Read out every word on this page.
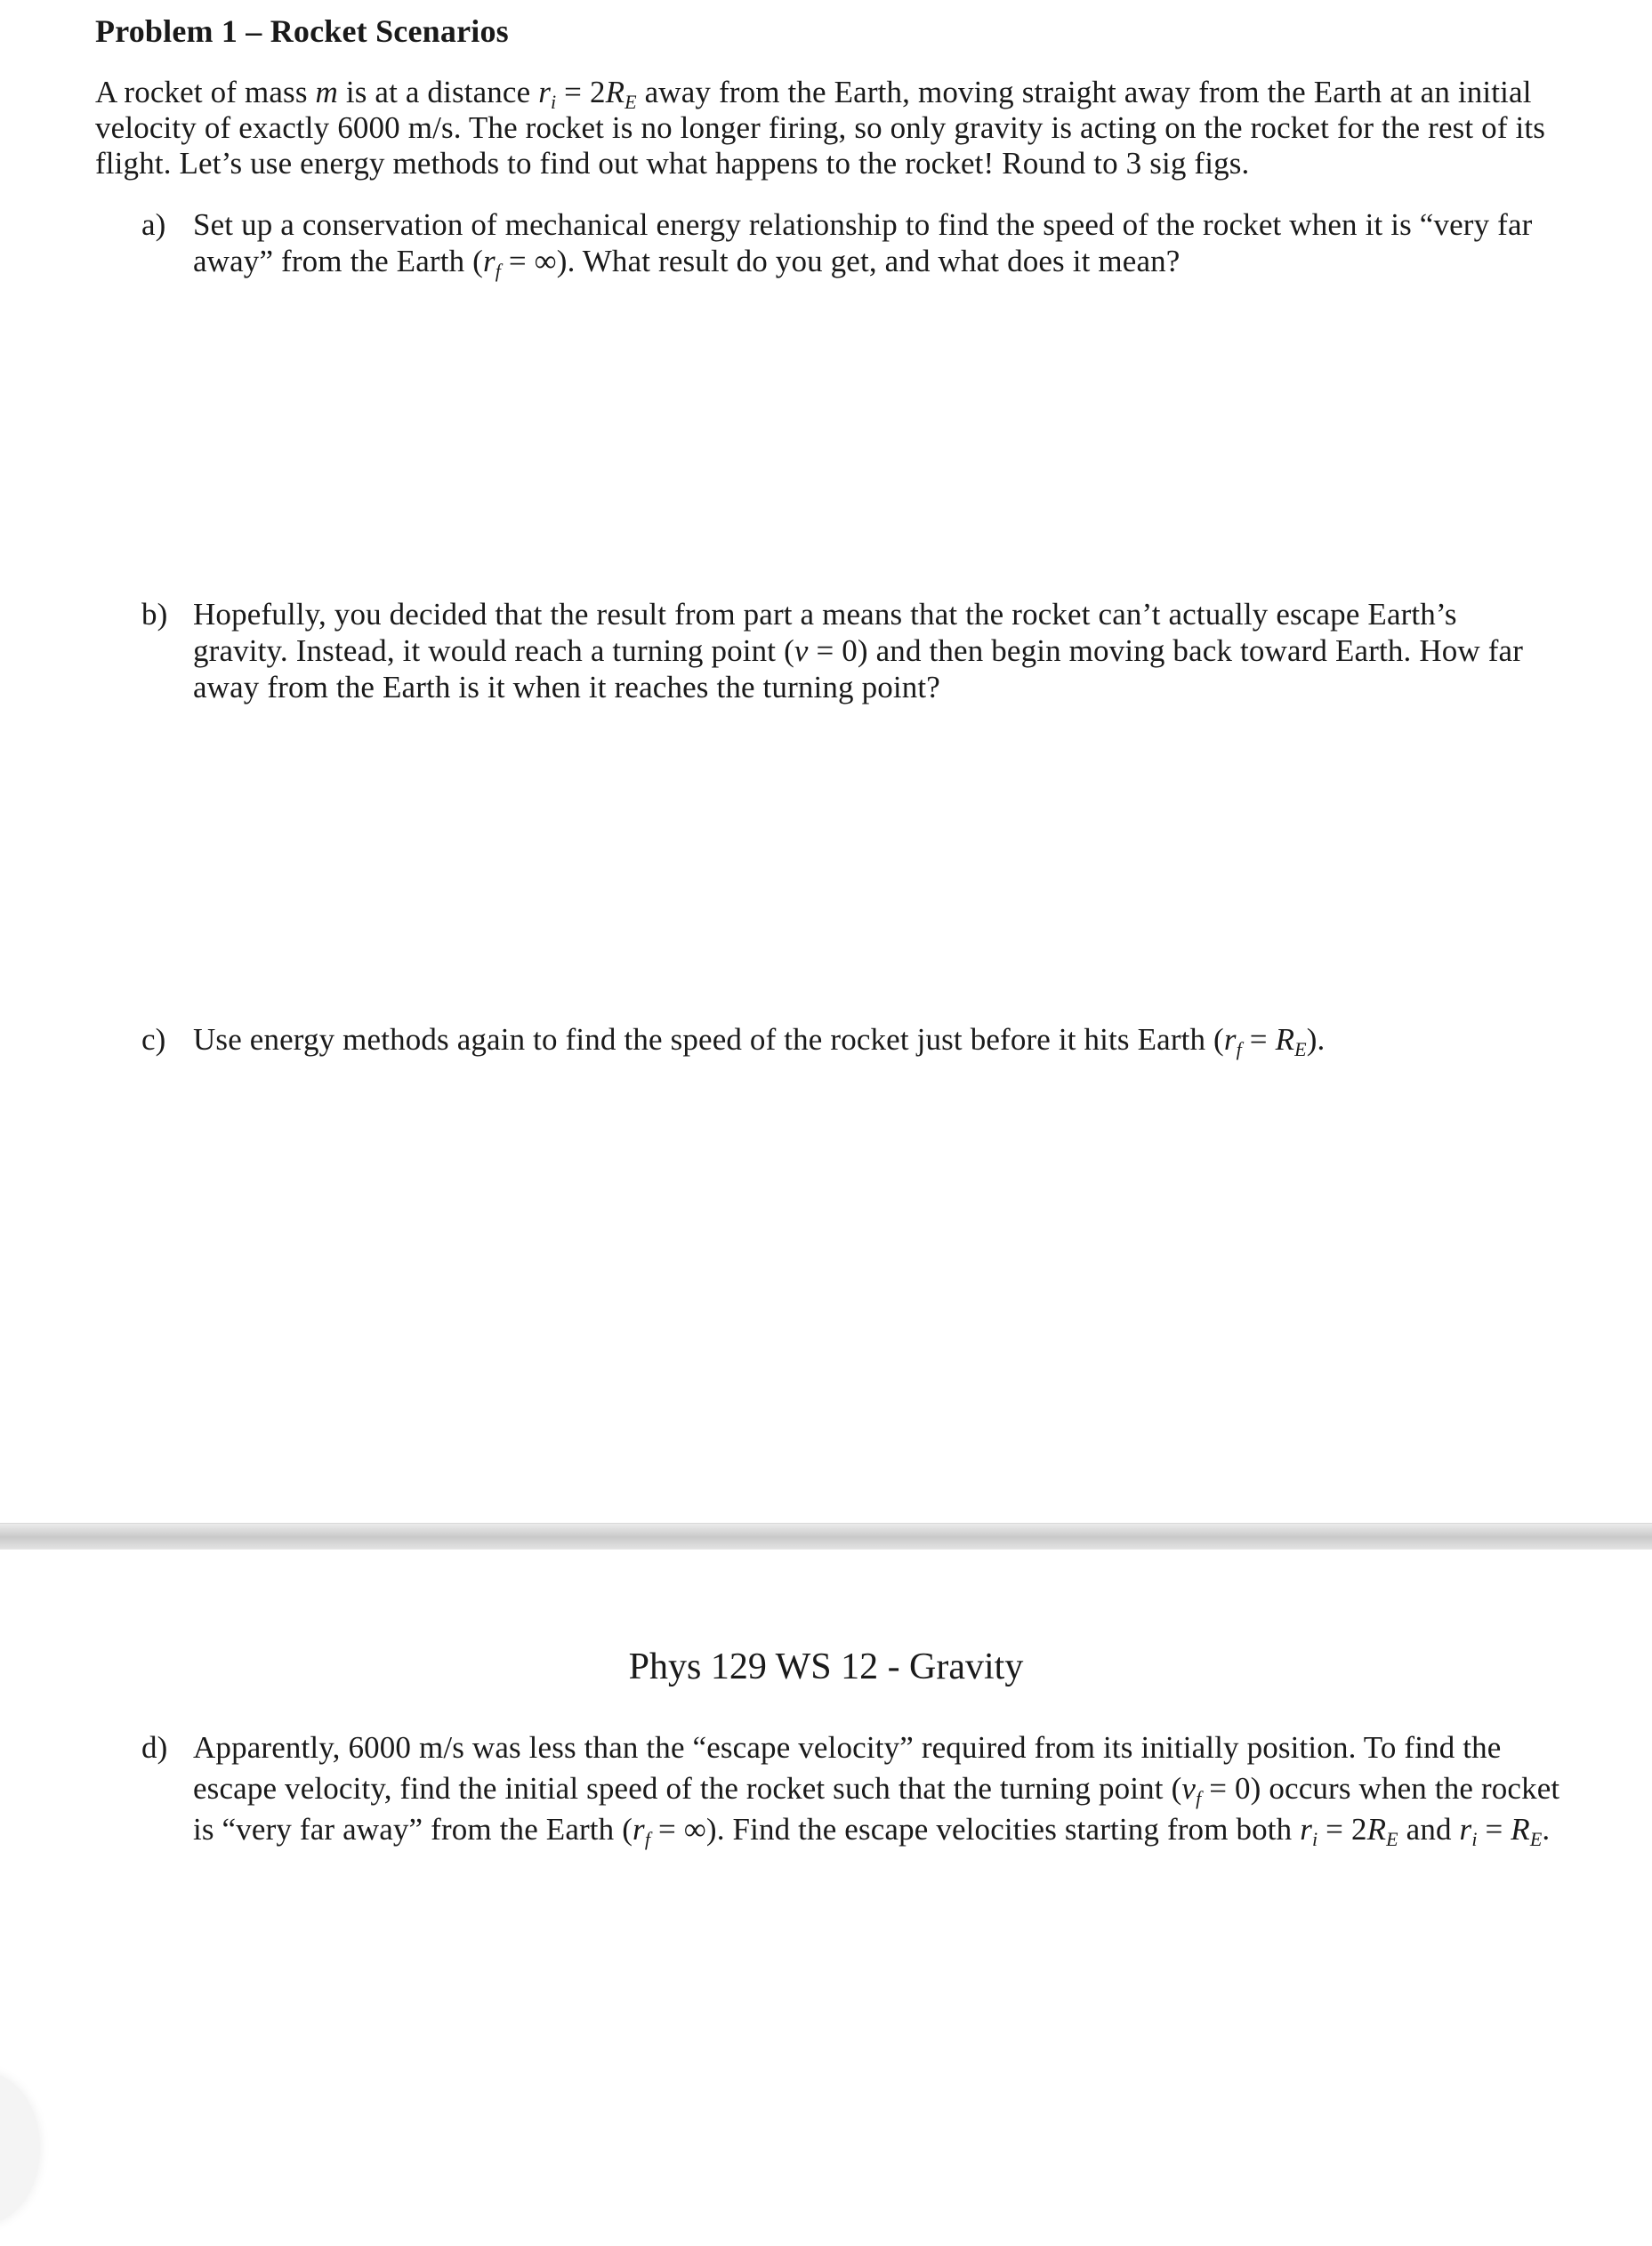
Problem 1 – Rocket Scenarios

A rocket of mass m is at a distance $r_i = 2R_E$ away from the Earth, moving straight away from the Earth at an initial velocity of exactly 6000 m/s. The rocket is no longer firing, so only gravity is acting on the rocket for the rest of its flight. Let’s use energy methods to find out what happens to the rocket! Round to 3 sig figs.

a) Set up a conservation of mechanical energy relationship to find the speed of the rocket when it is “very far away” from the Earth ($r_f$ = ∞). What result do you get, and what does it mean?

b) Hopefully, you decided that the result from part a means that the rocket can’t actually escape Earth’s gravity. Instead, it would reach a turning point (v = 0) and then begin moving back toward Earth. How far away from the Earth is it when it reaches the turning point?

c) Use energy methods again to find the speed of the rocket just before it hits Earth $(r_f = R_E)$.

Phys 129 WS 12 - Gravity

d) Apparently, 6000 m/s was less than the “escape velocity” required from its initially position. To find the escape velocity, find the initial speed of the rocket such that the turning point $(v_f = 0)$ occurs when the rocket is “very far away” from the Earth ($r_f$ = ∞). Find the escape velocities starting from both $r_i = 2R_E$ and $r_i = R_E$.
